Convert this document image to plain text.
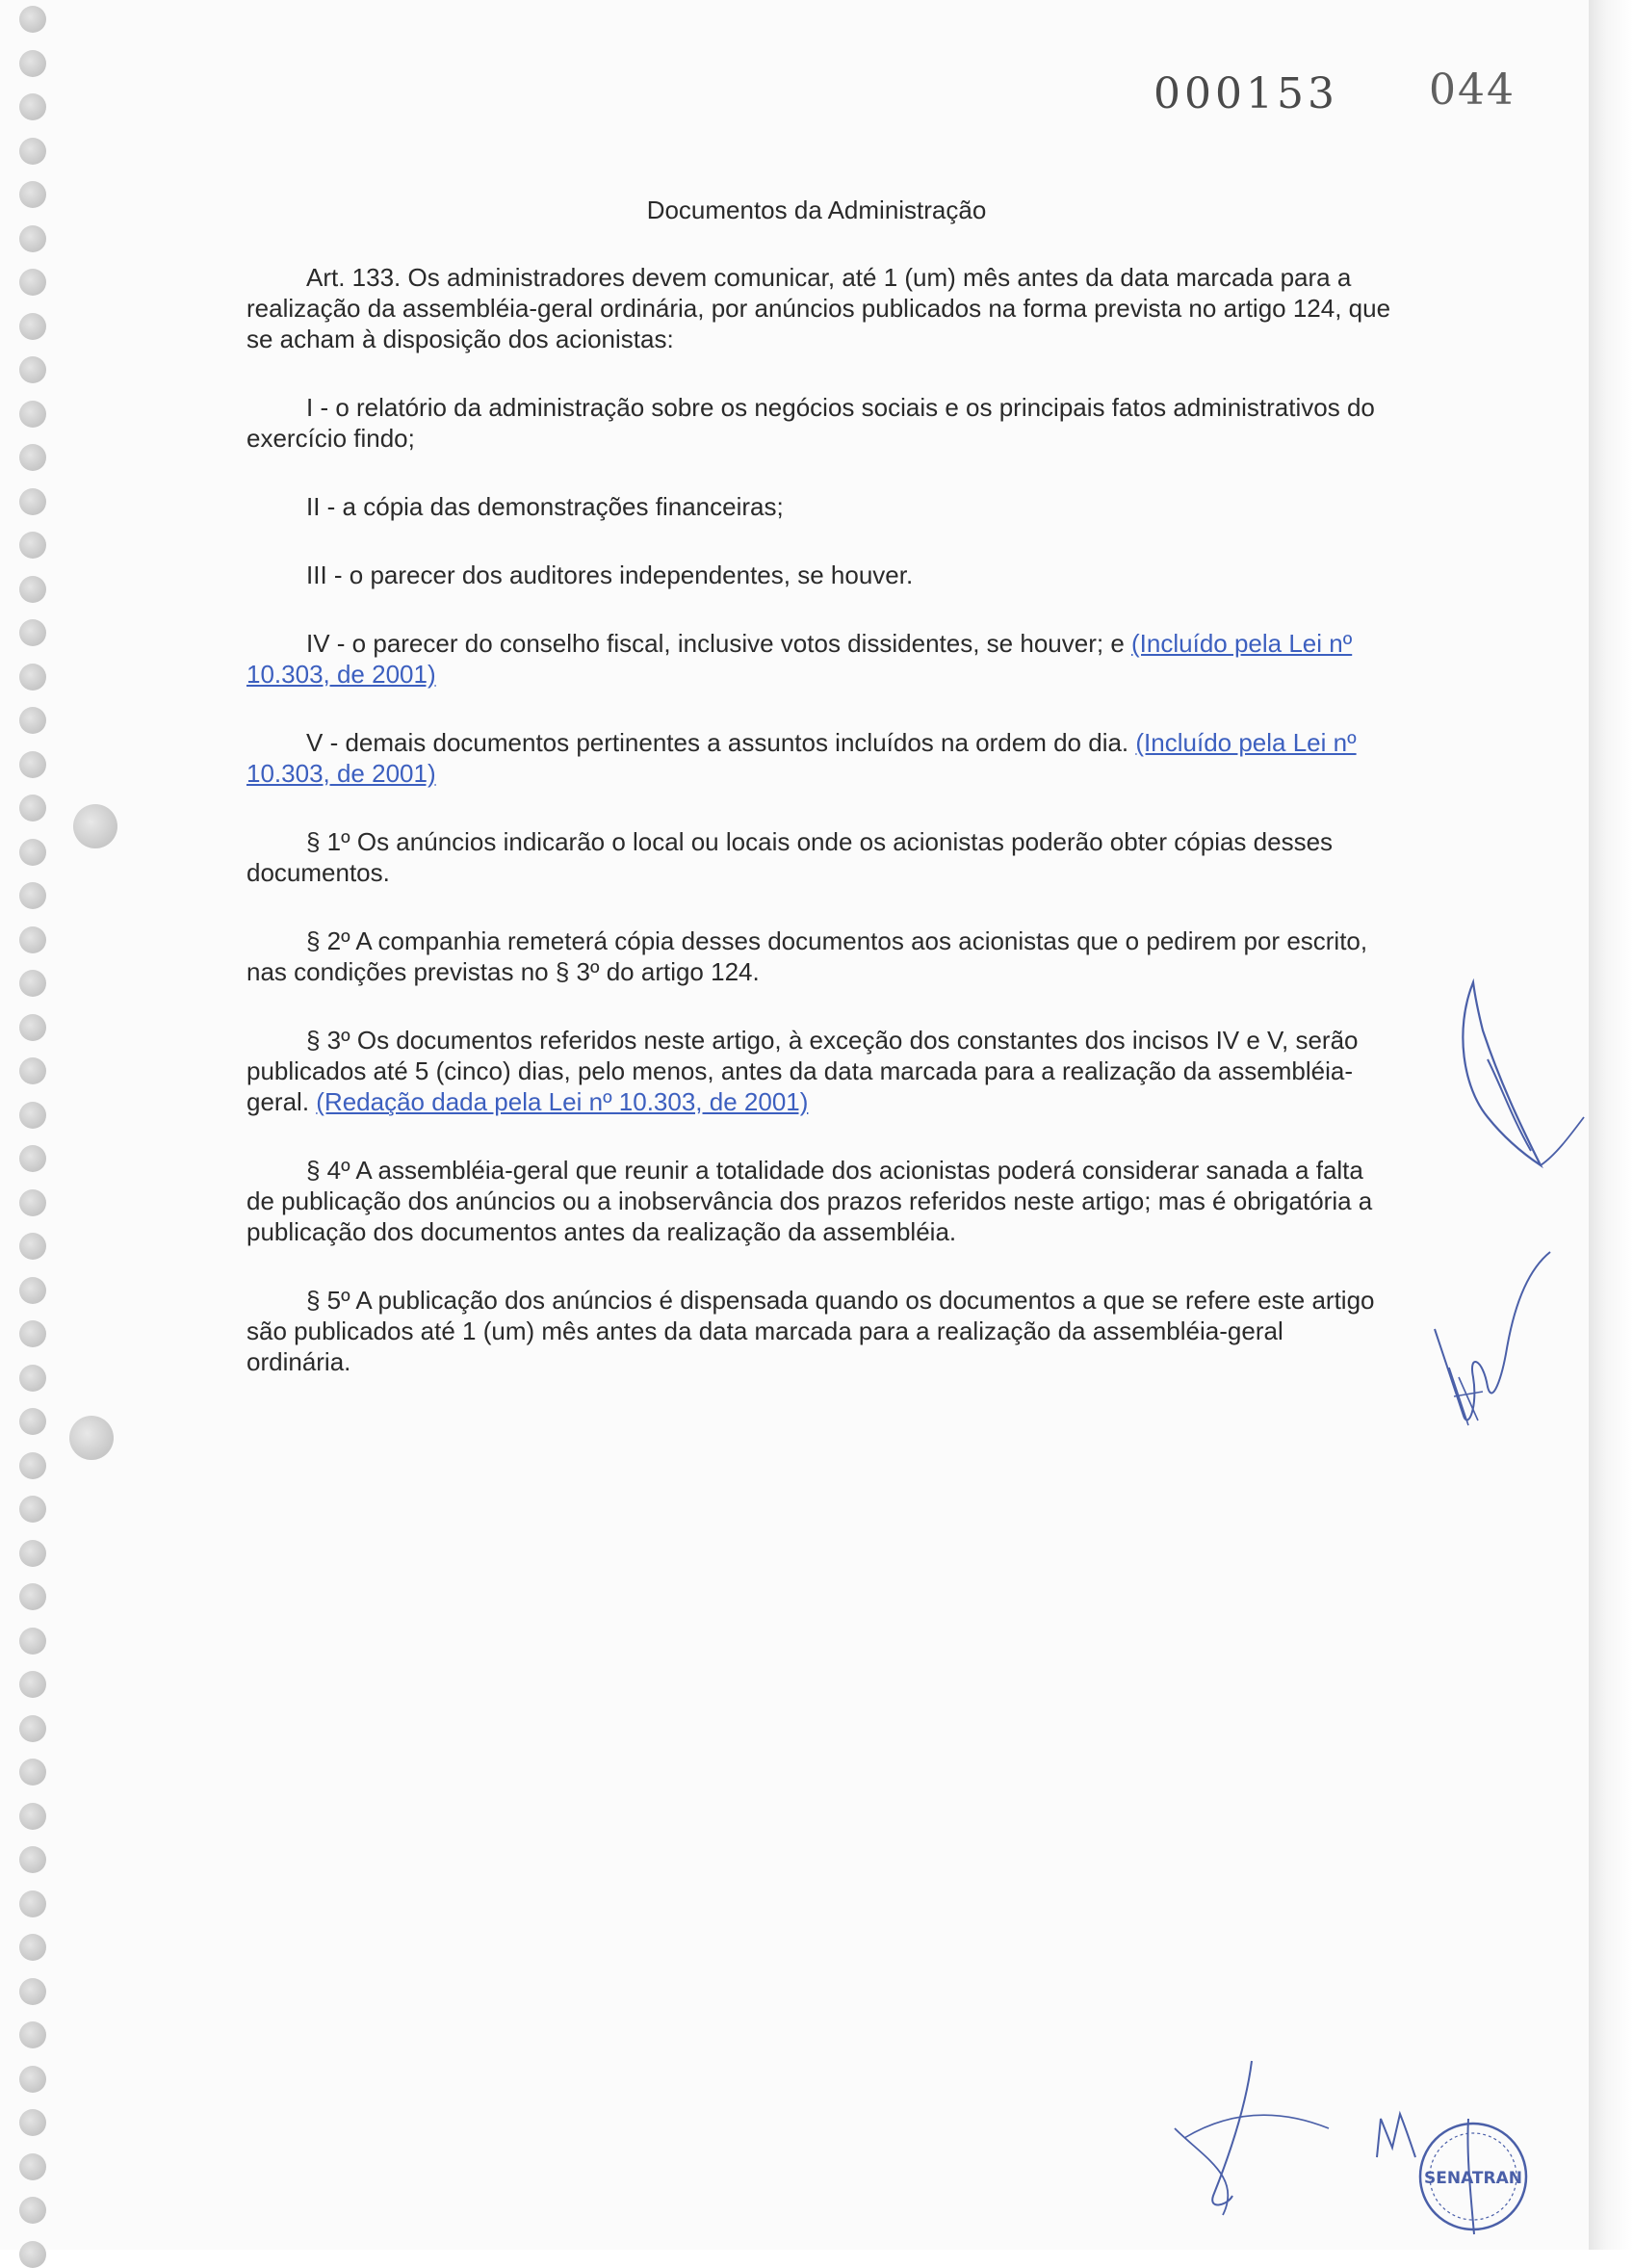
000153 044
Documentos da Administração

Art. 133. Os administradores devem comunicar, até 1 (um) mês antes da data marcada para a realização da assembléia-geral ordinária, por anúncios publicados na forma prevista no artigo 124, que se acham à disposição dos acionistas:

I - o relatório da administração sobre os negócios sociais e os principais fatos administrativos do exercício findo;

II - a cópia das demonstrações financeiras;

III - o parecer dos auditores independentes, se houver.

IV - o parecer do conselho fiscal, inclusive votos dissidentes, se houver; e (Incluído pela Lei nº 10.303, de 2001)

V - demais documentos pertinentes a assuntos incluídos na ordem do dia. (Incluído pela Lei nº 10.303, de 2001)

§ 1º Os anúncios indicarão o local ou locais onde os acionistas poderão obter cópias desses documentos.

§ 2º A companhia remeterá cópia desses documentos aos acionistas que o pedirem por escrito, nas condições previstas no § 3º do artigo 124.

§ 3º Os documentos referidos neste artigo, à exceção dos constantes dos incisos IV e V, serão publicados até 5 (cinco) dias, pelo menos, antes da data marcada para a realização da assembléia-geral. (Redação dada pela Lei nº 10.303, de 2001)

§ 4º A assembléia-geral que reunir a totalidade dos acionistas poderá considerar sanada a falta de publicação dos anúncios ou a inobservância dos prazos referidos neste artigo; mas é obrigatória a publicação dos documentos antes da realização da assembléia.

§ 5º A publicação dos anúncios é dispensada quando os documentos a que se refere este artigo são publicados até 1 (um) mês antes da data marcada para a realização da assembléia-geral ordinária.

SENATRAN
